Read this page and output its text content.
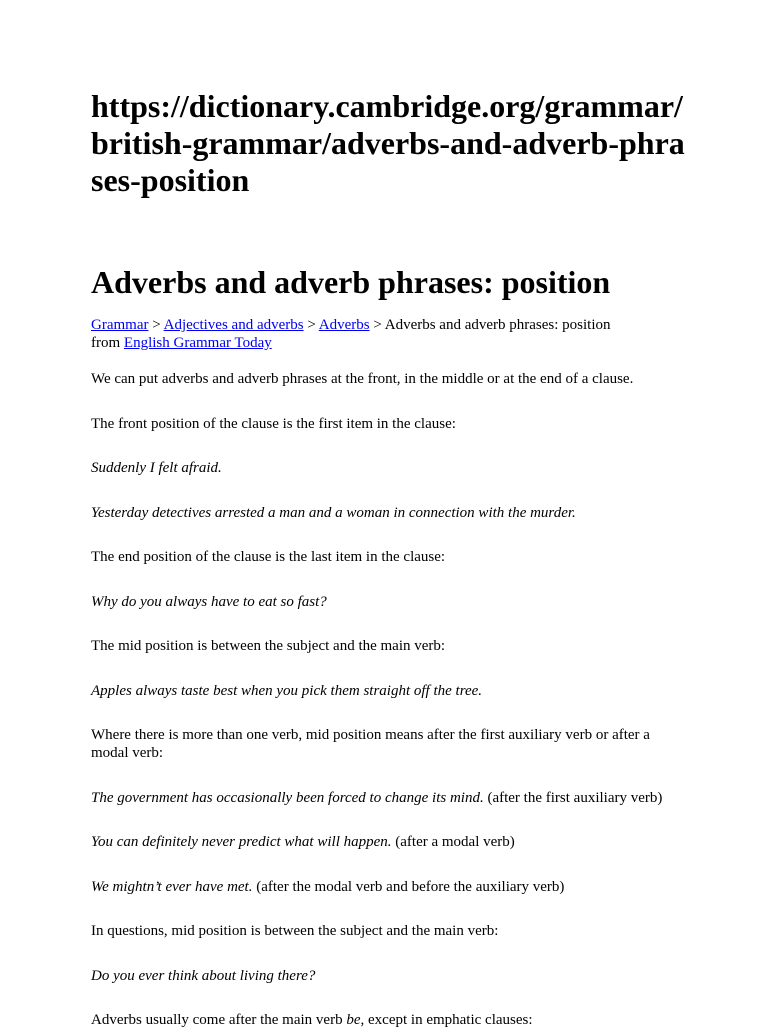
https://dictionary.cambridge.org/grammar/british-grammar/adverbs-and-adverb-phrases-position
Adverbs and adverb phrases: position
Grammar > Adjectives and adverbs > Adverbs > Adverbs and adverb phrases: position
from English Grammar Today

We can put adverbs and adverb phrases at the front, in the middle or at the end of a clause.

The front position of the clause is the first item in the clause:

Suddenly I felt afraid.

Yesterday detectives arrested a man and a woman in connection with the murder.

The end position of the clause is the last item in the clause:

Why do you always have to eat so fast?

The mid position is between the subject and the main verb:

Apples always taste best when you pick them straight off the tree.

Where there is more than one verb, mid position means after the first auxiliary verb or after a modal verb:

The government has occasionally been forced to change its mind. (after the first auxiliary verb)

You can definitely never predict what will happen. (after a modal verb)

We mightn’t ever have met. (after the modal verb and before the auxiliary verb)

In questions, mid position is between the subject and the main verb:

Do you ever think about living there?

Adverbs usually come after the main verb be, except in emphatic clauses:
